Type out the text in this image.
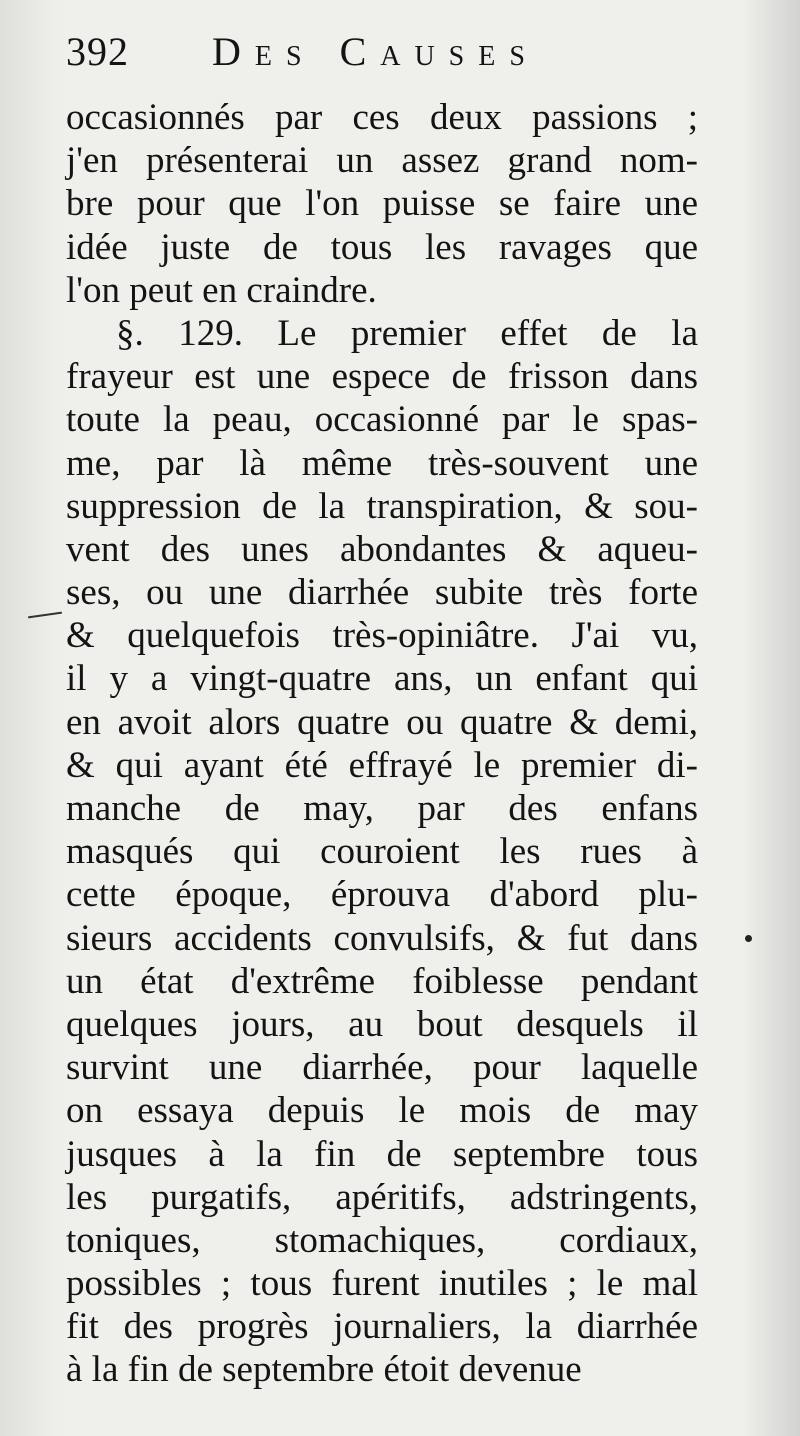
392 Des Causes
occasionnés par ces deux passions ;
j'en présenterai un assez grand nom-
bre pour que l'on puisse se faire une
idée juste de tous les ravages que
l'on peut en craindre.
§. 129. Le premier effet de la
frayeur est une espece de frisson dans
toute la peau, occasionné par le spas-
me, par là même très-souvent une
suppression de la transpiration, & sou-
vent des unes abondantes & aqueu-
ses, ou une diarrhée subite très forte
& quelquefois très-opiniâtre. J'ai vu,
il y a vingt-quatre ans, un enfant qui
en avoit alors quatre ou quatre & demi,
& qui ayant été effrayé le premier di-
manche de may, par des enfans
masqués qui couroient les rues à
cette époque, éprouva d'abord plu-
sieurs accidents convulsifs, & fut dans
un état d'extrême foiblesse pendant
quelques jours, au bout desquels il
survint une diarrhée, pour laquelle
on essaya depuis le mois de may
jusques à la fin de septembre tous
les purgatifs, apéritifs, adstringents,
toniques, stomachiques, cordiaux,
possibles ; tous furent inutiles ; le mal
fit des progrès journaliers, la diarrhée
à la fin de septembre étoit devenue
